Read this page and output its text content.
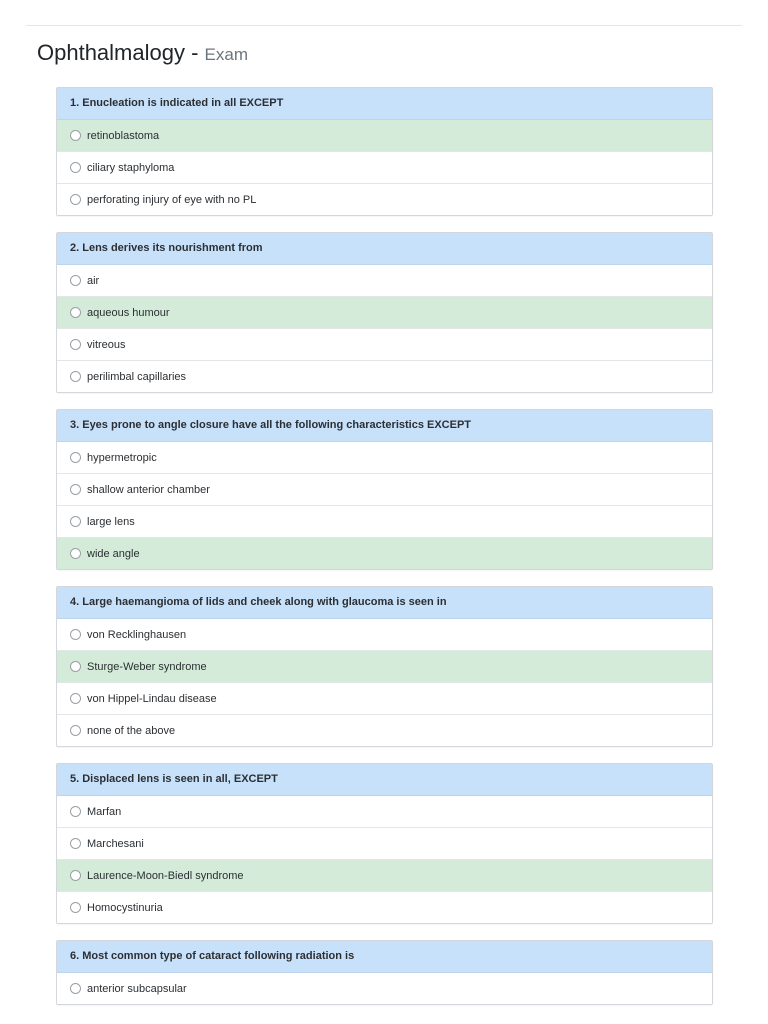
Ophthalmalogy - Exam
1. Enucleation is indicated in all EXCEPT
retinoblastoma
ciliary staphyloma
perforating injury of eye with no PL
2. Lens derives its nourishment from
air
aqueous humour
vitreous
perilimbal capillaries
3. Eyes prone to angle closure have all the following characteristics EXCEPT
hypermetropic
shallow anterior chamber
large lens
wide angle
4. Large haemangioma of lids and cheek along with glaucoma is seen in
von Recklinghausen
Sturge-Weber syndrome
von Hippel-Lindau disease
none of the above
5. Displaced lens is seen in all, EXCEPT
Marfan
Marchesani
Laurence-Moon-Biedl syndrome
Homocystinuria
6. Most common type of cataract following radiation is
anterior subcapsular
